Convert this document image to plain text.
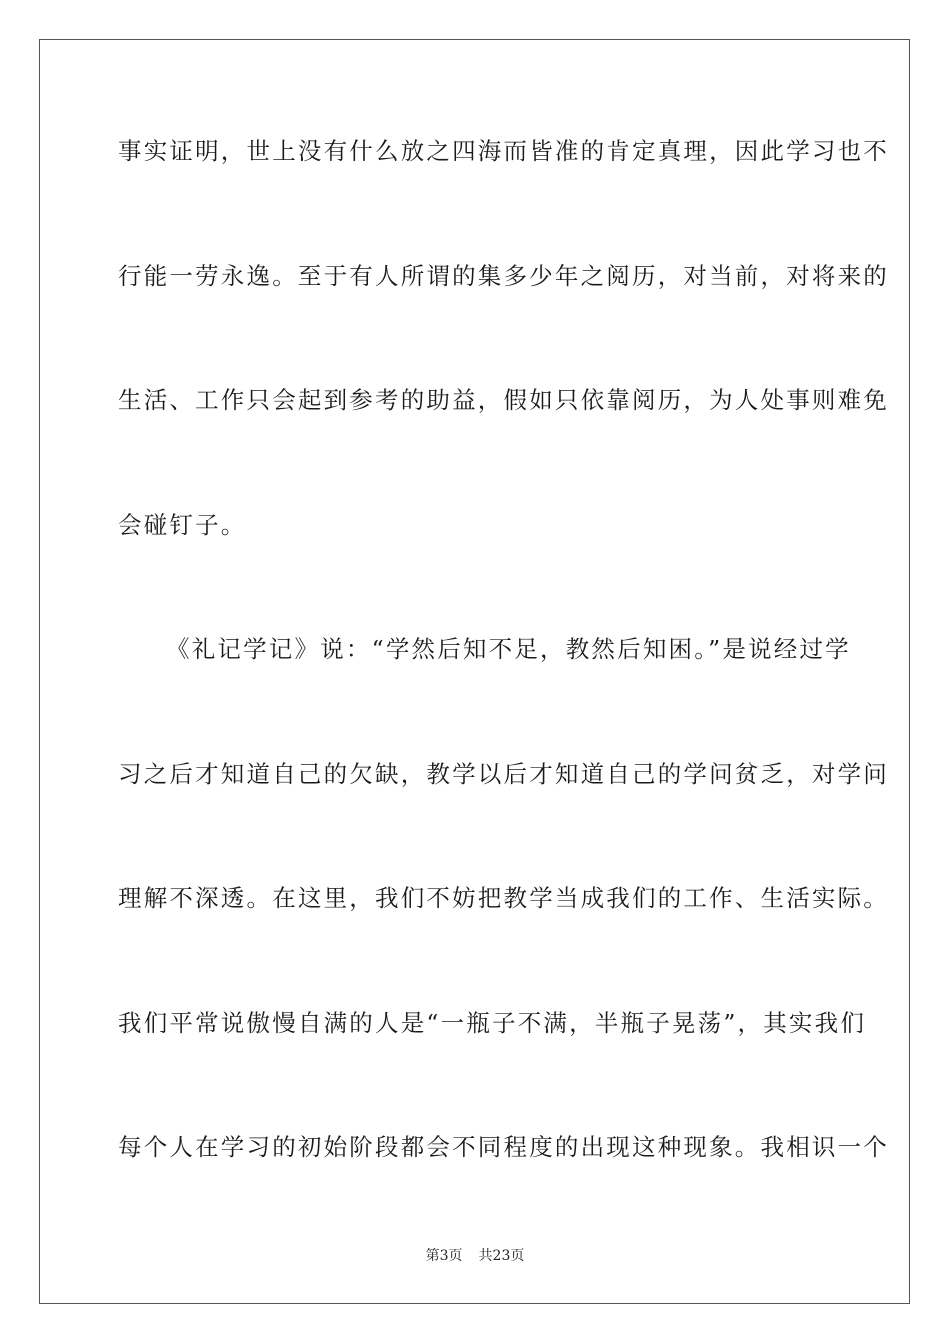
事实证明，世上没有什么放之四海而皆准的肯定真理，因此学习也不
行能一劳永逸。至于有人所谓的集多少年之阅历，对当前，对将来的
生活、工作只会起到参考的助益，假如只依靠阅历，为人处事则难免
会碰钉子。
《礼记学记》说：“学然后知不足，教然后知困。”是说经过学
习之后才知道自己的欠缺，教学以后才知道自己的学问贫乏，对学问
理解不深透。在这里，我们不妨把教学当成我们的工作、生活实际。
我们平常说傲慢自满的人是“一瓶子不满，半瓶子晃荡”，其实我们
每个人在学习的初始阶段都会不同程度的出现这种现象。我相识一个
第3页 共23页
